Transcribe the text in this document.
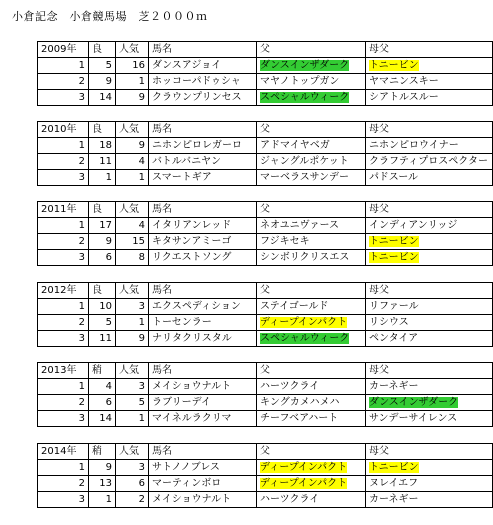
小倉記念　小倉競馬場　芝２０００ｍ
2009年	良	人気	馬名	父	母父
1	5	16	ダンスアジョイ	ダンスインザダーク	トニービン
2	9	1	ホッコーパドゥシャ	マヤノトップガン	ヤマニンスキー
3	14	9	クラウンプリンセス	スペシャルウィーク	シアトルスルー
2010年	良	人気	馬名	父	母父
1	18	9	ニホンピロレガーロ	アドマイヤベガ	ニホンピロウイナー
2	11	4	バトルバニヤン	ジャングルポケット	クラフティプロスペクター
3	1	1	スマートギア	マーベラスサンデー	パドスール
2011年	良	人気	馬名	父	母父
1	17	4	イタリアンレッド	ネオユニヴァース	インディアンリッジ
2	9	15	キタサンアミーゴ	フジキセキ	トニービン
3	6	8	リクエストソング	シンボリクリスエス	トニービン
2012年	良	人気	馬名	父	母父
1	10	3	エクスペディション	ステイゴールド	リファール
2	5	1	トーセンラー	ディープインパクト	リシウス
3	11	9	ナリタクリスタル	スペシャルウィーク	ペンタイア
2013年	稍	人気	馬名	父	母父
1	4	3	メイショウナルト	ハーツクライ	カーネギー
2	6	5	ラブリーデイ	キングカメハメハ	ダンスインザダーク
3	14	1	マイネルラクリマ	チーフベアハート	サンデーサイレンス
2014年	稍	人気	馬名	父	母父
1	9	3	サトノノブレス	ディープインパクト	トニービン
2	13	6	マーティンボロ	ディープインパクト	ヌレイエフ
3	1	2	メイショウナルト	ハーツクライ	カーネギー
